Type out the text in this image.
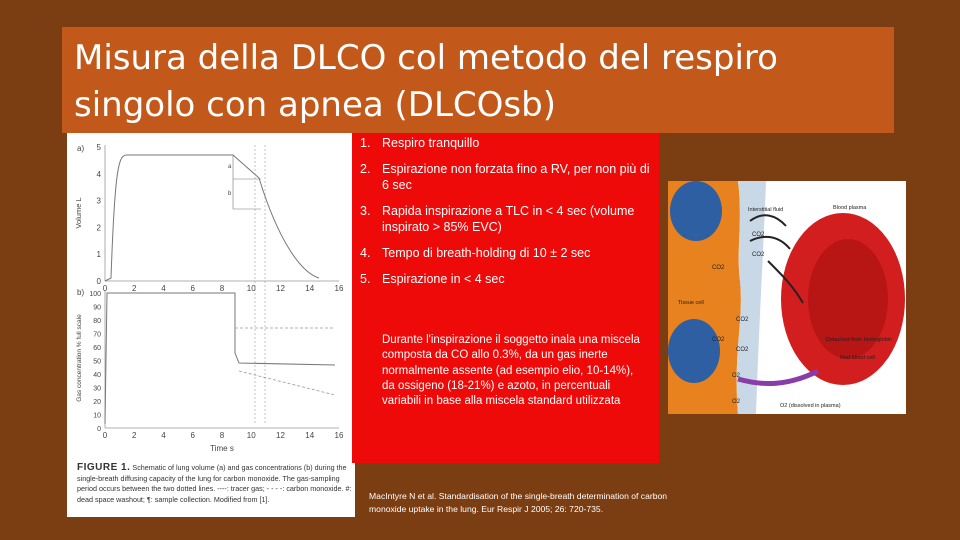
Misura della DLCO col metodo del respiro singolo con apnea (DLCOsb)
a)
Volume L
0
1
2
3
4
5
a
b
0	2	4	6	8	10	12	14	16
b)
Gas concentration % full scale
0
10
20
30
40
50
60
70
80
90
100
0	2	4	6	8	10	12	14	16
Time s
FIGURE 1. Schematic of lung volume (a) and gas concentrations (b) during the single-breath diffusing capacity of the lung for carbon monoxide. The gas-sampling period occurs between the two dotted lines. ----: tracer gas; - - - -: carbon monoxide. #: dead space washout; ¶: sample collection. Modified from [1].
1. Respiro tranquillo
2. Espirazione non forzata fino a RV, per non più di 6 sec
3. Rapida inspirazione a TLC in < 4 sec (volume inspirato > 85% EVC)
4. Tempo di breath-holding di 10 ± 2 sec
5. Espirazione in < 4 sec
Durante l'inspirazione il soggetto inala una miscela composta da CO allo 0.3%, da un gas inerte normalmente assente (ad esempio elio, 10-14%), da ossigeno (18-21%) e azoto, in percentuali variabili in base alla miscela standard utilizzata
MacIntyre N et al. Standardisation of the single-breath determination of carbon monoxide uptake in the lung. Eur Respir J 2005; 26: 720-735.
Interstitial fluid	Blood plasma
Tissue cell
Detached from hemoglobin
Red blood cell
O2 (dissolved in plasma)
CO2
CO2
CO2
CO2
CO2
CO2
O2
O2
